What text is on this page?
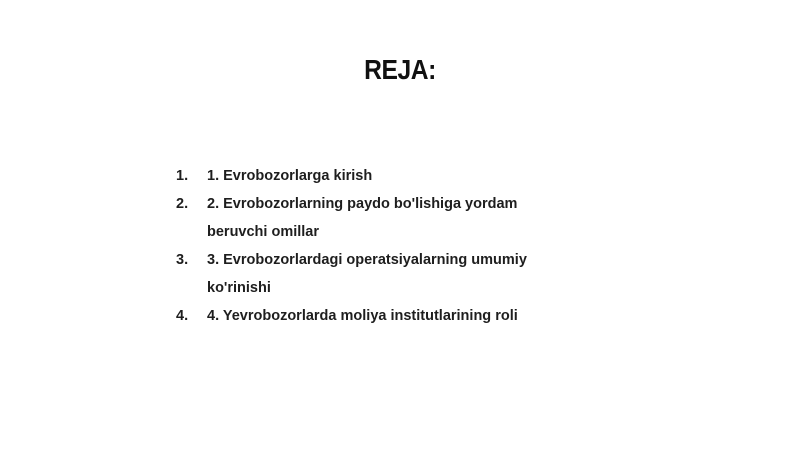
REJA:
1.	1. Evrobozorlarga kirish
2.	2. Evrobozorlarning paydo bo'lishiga yordam beruvchi omillar
3.	3. Evrobozorlardagi operatsiyalarning umumiy ko'rinishi
4.	4. Yevrobozorlarda moliya institutlarining roli
